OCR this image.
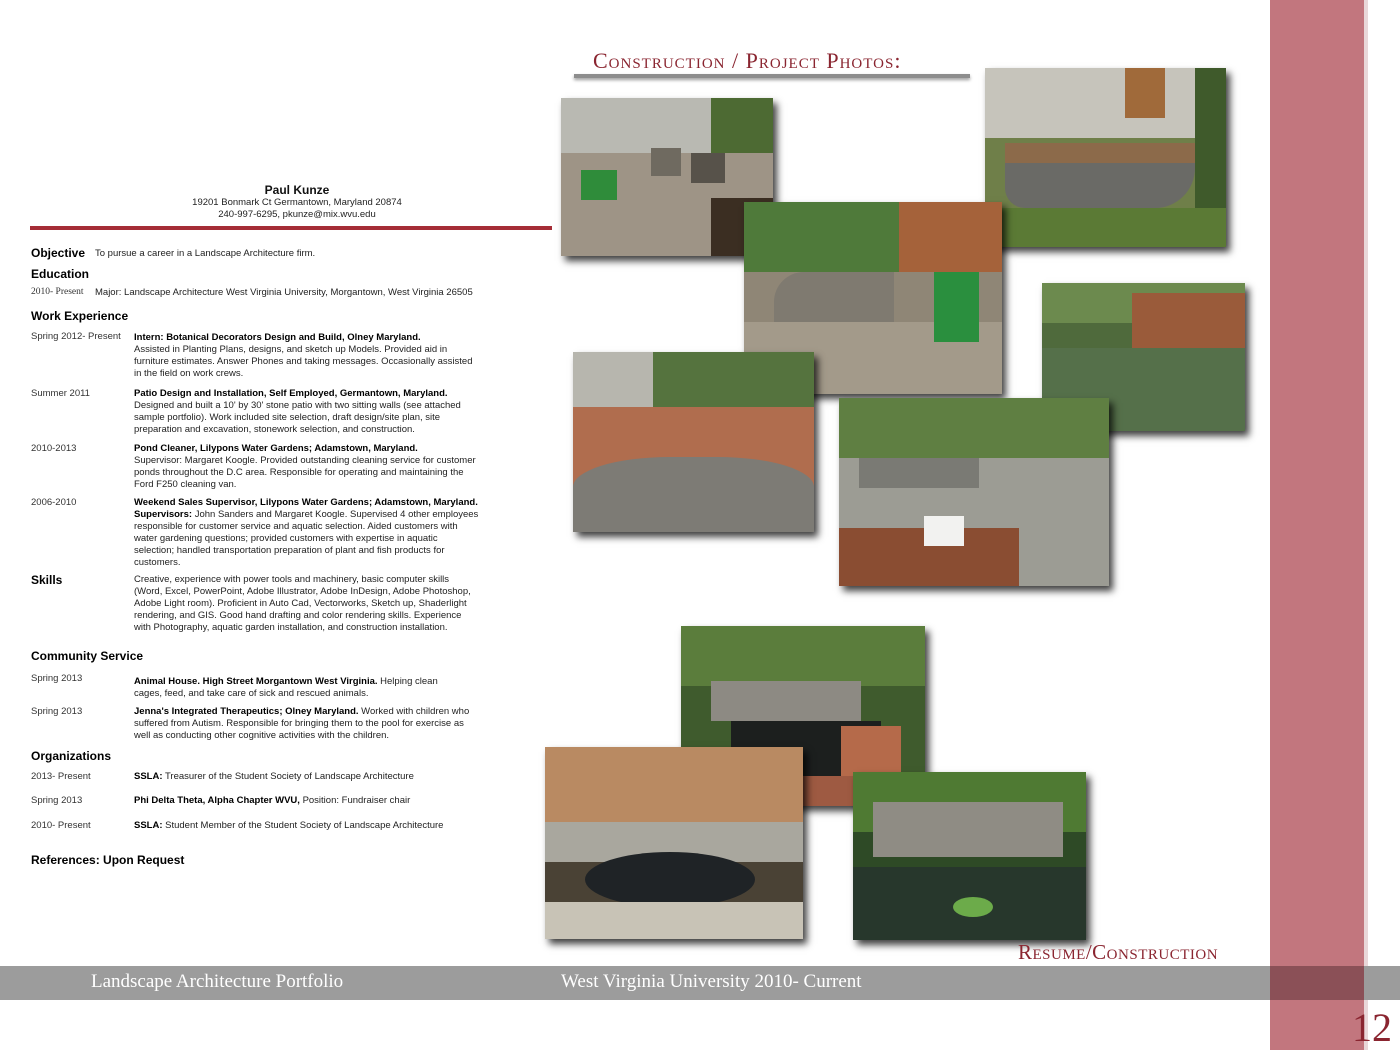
Construction / Project Photos:
Paul Kunze
19201 Bonmark Ct Germantown, Maryland 20874
240-997-6295, pkunze@mix.wvu.edu
Objective To pursue a career in a Landscape Architecture firm.
Education
2010- Present Major: Landscape Architecture West Virginia University, Morgantown, West Virginia 26505
Work Experience
Spring 2012- Present Intern: Botanical Decorators Design and Build, Olney Maryland.
Assisted in Planting Plans, designs, and sketch up Models. Provided aid in furniture estimates. Answer Phones and taking messages. Occasionally assisted in the field on work crews.
Summer 2011	Patio Design and Installation, Self Employed, Germantown, Maryland.
Designed and built a 10' by 30' stone patio with two sitting walls (see attached sample portfolio). Work included site selection, draft design/site plan, site preparation and excavation, stonework selection, and construction.
2010-2013	Pond Cleaner, Lilypons Water Gardens; Adamstown, Maryland.
Supervisor: Margaret Koogle. Provided outstanding cleaning service for customer ponds throughout the D.C area. Responsible for operating and maintaining the Ford F250 cleaning van.
2006-2010	Weekend Sales Supervisor, Lilypons Water Gardens; Adamstown, Maryland. Supervisors: John Sanders and Margaret Koogle. Supervised 4 other employees responsible for customer service and aquatic selection. Aided customers with water gardening questions; provided customers with expertise in aquatic selection; handled transportation preparation of plant and fish products for customers.
Skills	Creative, experience with power tools and machinery, basic computer skills (Word, Excel, PowerPoint, Adobe Illustrator, Adobe InDesign, Adobe Photoshop, Adobe Light room). Proficient in Auto Cad, Vectorworks, Sketch up, Shaderlight rendering, and GIS. Good hand drafting and color rendering skills. Experience with Photography, aquatic garden installation, and construction installation.
Community Service
Spring 2013	Animal House. High Street Morgantown West Virginia. Helping clean cages, feed, and take care of sick and rescued animals.
Spring 2013	Jenna's Integrated Therapeutics; Olney Maryland. Worked with children who suffered from Autism. Responsible for bringing them to the pool for exercise as well as conducting other cognitive activities with the children.
Organizations
2013- Present	SSLA: Treasurer of the Student Society of Landscape Architecture
Spring 2013	Phi Delta Theta, Alpha Chapter WVU, Position: Fundraiser chair
2010- Present	SSLA: Student Member of the Student Society of Landscape Architecture
References: Upon Request
Resume/Construction
Landscape Architecture Portfolio	West Virginia University 2010- Current
12
